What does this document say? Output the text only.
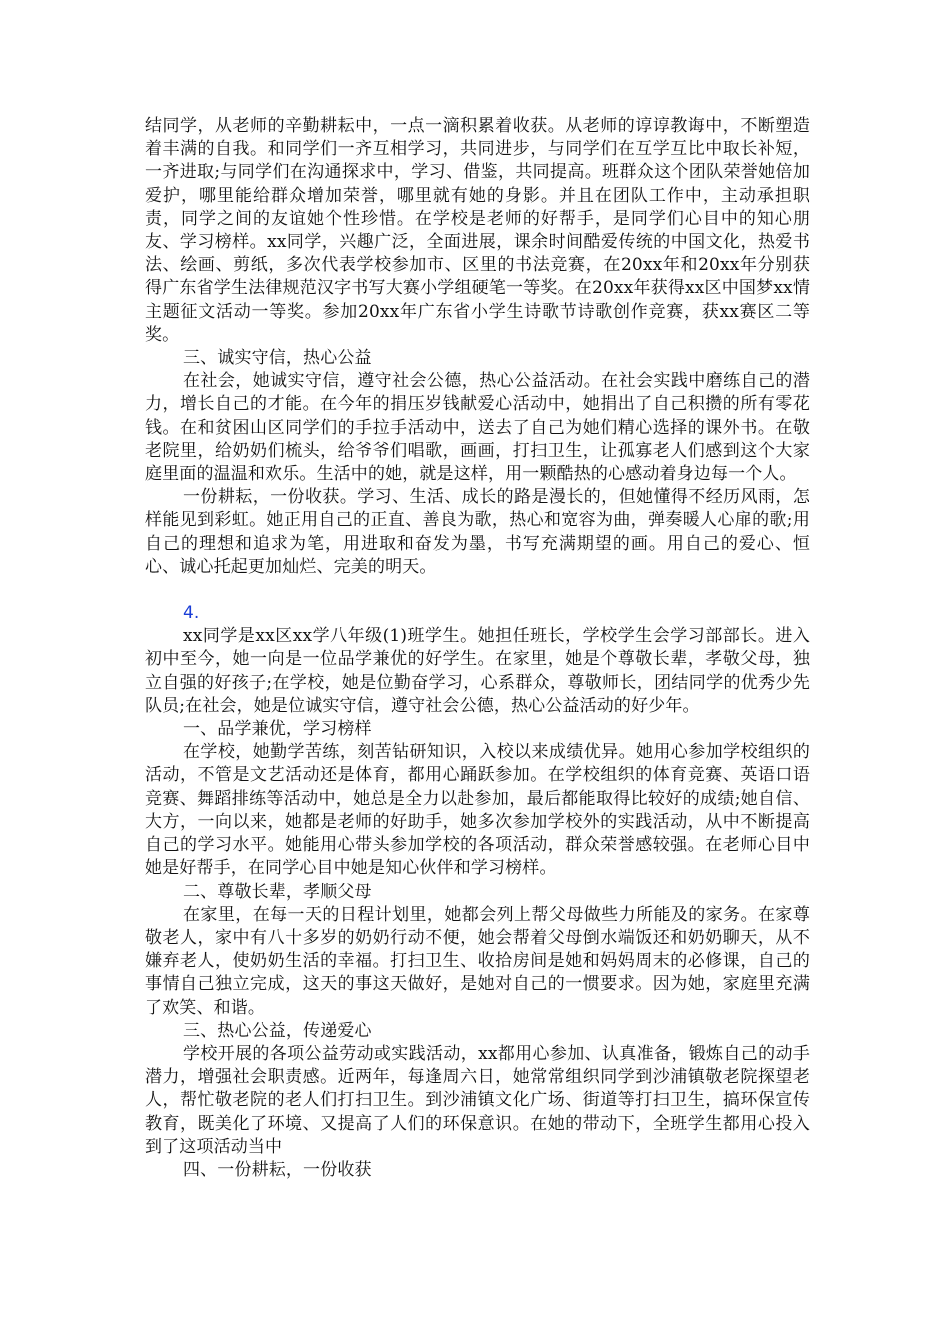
结同学，从老师的辛勤耕耘中，一点一滴积累着收获。从老师的谆谆教诲中，不断塑造着丰满的自我。和同学们一齐互相学习，共同进步，与同学们在互学互比中取长补短，一齐进取;与同学们在沟通探求中，学习、借鉴，共同提高。班群众这个团队荣誉她倍加爱护，哪里能给群众增加荣誉，哪里就有她的身影。并且在团队工作中，主动承担职责，同学之间的友谊她个性珍惜。在学校是老师的好帮手，是同学们心目中的知心朋友、学习榜样。xx同学，兴趣广泛，全面进展，课余时间酷爱传统的中国文化，热爱书法、绘画、剪纸，多次代表学校参加市、区里的书法竞赛，在20xx年和20xx年分别获得广东省学生法律规范汉字书写大赛小学组硬笔一等奖。在20xx年获得xx区中国梦xx情主题征文活动一等奖。参加20xx年广东省小学生诗歌节诗歌创作竞赛，获xx赛区二等奖。

三、诚实守信，热心公益

在社会，她诚实守信，遵守社会公德，热心公益活动。在社会实践中磨练自己的潜力，增长自己的才能。在今年的捐压岁钱献爱心活动中，她捐出了自己积攒的所有零花钱。在和贫困山区同学们的手拉手活动中，送去了自己为她们精心选择的课外书。在敬老院里，给奶奶们梳头，给爷爷们唱歌，画画，打扫卫生，让孤寡老人们感到这个大家庭里面的温温和欢乐。生活中的她，就是这样，用一颗酷热的心感动着身边每一个人。

一份耕耘，一份收获。学习、生活、成长的路是漫长的，但她懂得不经历风雨，怎样能见到彩虹。她正用自己的正直、善良为歌，热心和宽容为曲，弹奏暖人心扉的歌;用自己的理想和追求为笔，用进取和奋发为墨，书写充满期望的画。用自己的爱心、恒心、诚心托起更加灿烂、完美的明天。

4.

xx同学是xx区xx学八年级(1)班学生。她担任班长，学校学生会学习部部长。进入初中至今，她一向是一位品学兼优的好学生。在家里，她是个尊敬长辈，孝敬父母，独立自强的好孩子;在学校，她是位勤奋学习，心系群众，尊敬师长，团结同学的优秀少先队员;在社会，她是位诚实守信，遵守社会公德，热心公益活动的好少年。

一、品学兼优，学习榜样

在学校，她勤学苦练，刻苦钻研知识，入校以来成绩优异。她用心参加学校组织的活动，不管是文艺活动还是体育，都用心踊跃参加。在学校组织的体育竞赛、英语口语竞赛、舞蹈排练等活动中，她总是全力以赴参加，最后都能取得比较好的成绩;她自信、大方，一向以来，她都是老师的好助手，她多次参加学校外的实践活动，从中不断提高自己的学习水平。她能用心带头参加学校的各项活动，群众荣誉感较强。在老师心目中她是好帮手，在同学心目中她是知心伙伴和学习榜样。

二、尊敬长辈，孝顺父母

在家里，在每一天的日程计划里，她都会列上帮父母做些力所能及的家务。在家尊敬老人，家中有八十多岁的奶奶行动不便，她会帮着父母倒水端饭还和奶奶聊天，从不嫌弃老人，使奶奶生活的幸福。打扫卫生、收拾房间是她和妈妈周末的必修课，自己的事情自己独立完成，这天的事这天做好，是她对自己的一惯要求。因为她，家庭里充满了欢笑、和谐。

三、热心公益，传递爱心

学校开展的各项公益劳动或实践活动，xx都用心参加、认真准备，锻炼自己的动手潜力，增强社会职责感。近两年，每逢周六日，她常常组织同学到沙浦镇敬老院探望老人，帮忙敬老院的老人们打扫卫生。到沙浦镇文化广场、街道等打扫卫生，搞环保宣传教育，既美化了环境、又提高了人们的环保意识。在她的带动下，全班学生都用心投入到了这项活动当中

四、一份耕耘，一份收获
